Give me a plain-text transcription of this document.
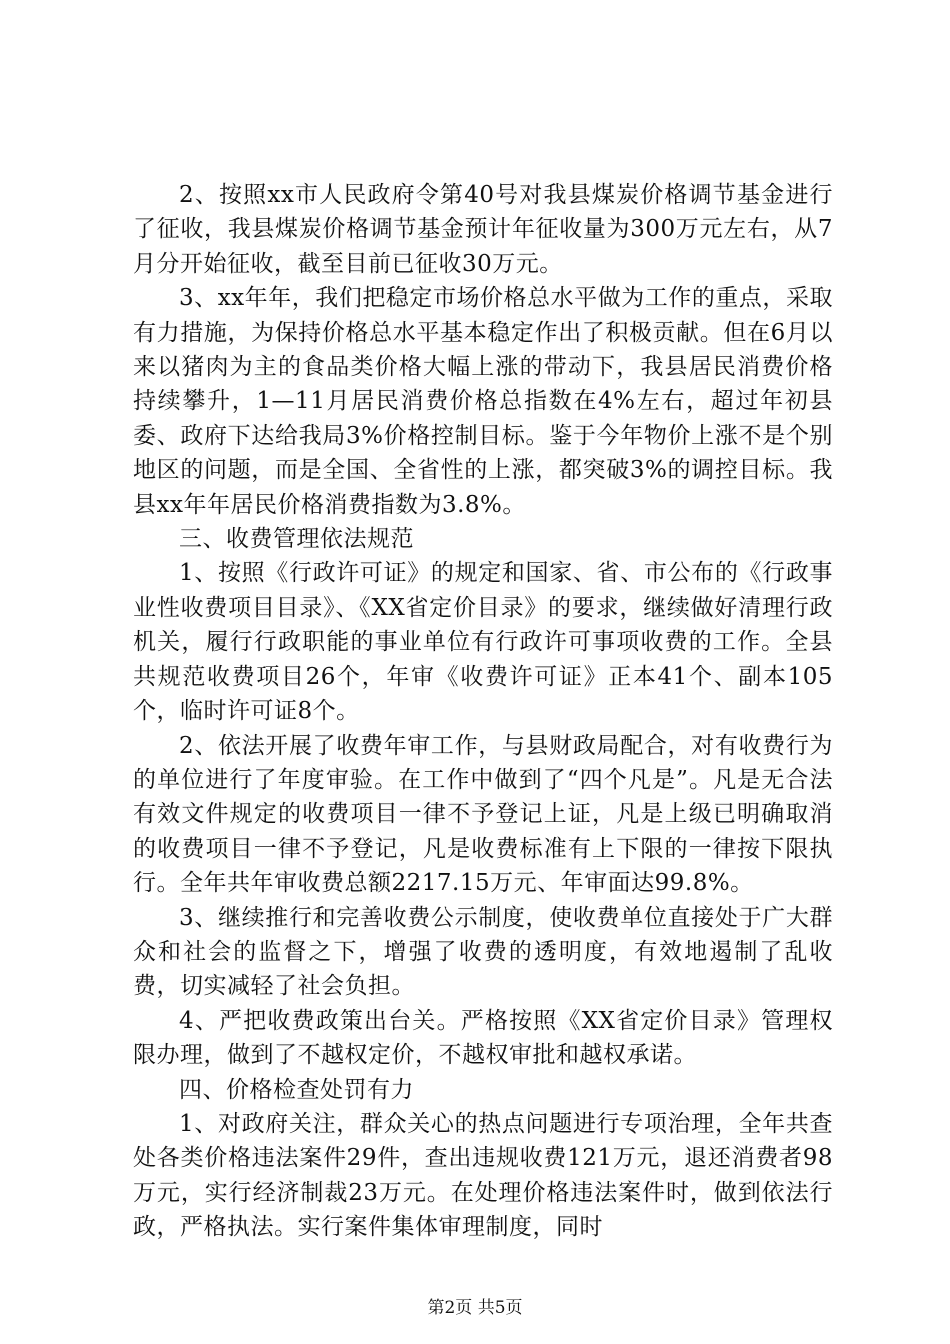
2、按照xx市人民政府令第40号对我县煤炭价格调节基金进行了征收，我县煤炭价格调节基金预计年征收量为300万元左右，从7月分开始征收，截至目前已征收30万元。

3、xx年年，我们把稳定市场价格总水平做为工作的重点，采取有力措施，为保持价格总水平基本稳定作出了积极贡献。但在6月以来以猪肉为主的食品类价格大幅上涨的带动下，我县居民消费价格持续攀升，1—11月居民消费价格总指数在4%左右，超过年初县委、政府下达给我局3%价格控制目标。鉴于今年物价上涨不是个别地区的问题，而是全国、全省性的上涨，都突破3%的调控目标。我县xx年年居民价格消费指数为3.8%。

三、收费管理依法规范

1、按照《行政许可证》的规定和国家、省、市公布的《行政事业性收费项目目录》、《XX省定价目录》的要求，继续做好清理行政机关，履行行政职能的事业单位有行政许可事项收费的工作。全县共规范收费项目26个，年审《收费许可证》正本41个、副本105个，临时许可证8个。

2、依法开展了收费年审工作，与县财政局配合，对有收费行为的单位进行了年度审验。在工作中做到了“四个凡是”。凡是无合法有效文件规定的收费项目一律不予登记上证，凡是上级已明确取消的收费项目一律不予登记，凡是收费标准有上下限的一律按下限执行。全年共年审收费总额2217.15万元、年审面达99.8%。

3、继续推行和完善收费公示制度，使收费单位直接处于广大群众和社会的监督之下，增强了收费的透明度，有效地遏制了乱收费，切实减轻了社会负担。

4、严把收费政策出台关。严格按照《XX省定价目录》管理权限办理，做到了不越权定价，不越权审批和越权承诺。

四、价格检查处罚有力

1、对政府关注，群众关心的热点问题进行专项治理，全年共查处各类价格违法案件29件，查出违规收费121万元，退还消费者98万元，实行经济制裁23万元。在处理价格违法案件时，做到依法行政，严格执法。实行案件集体审理制度，同时

第2页 共5页
